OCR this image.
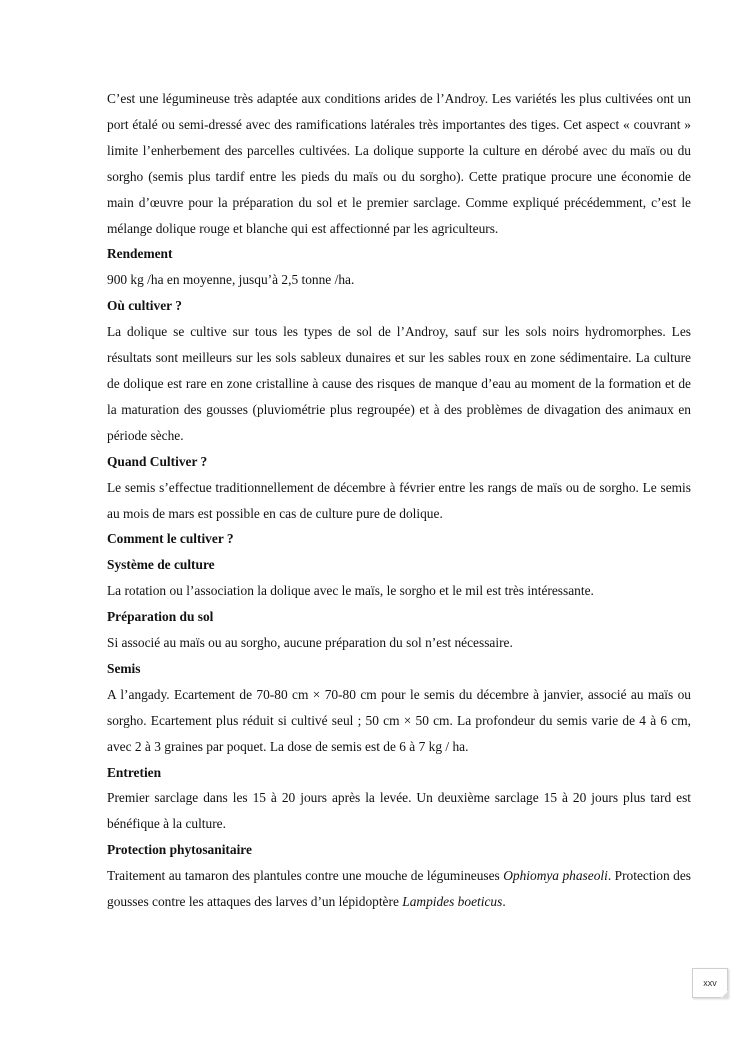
C’est une légumineuse très adaptée aux conditions arides de l’Androy. Les variétés les plus cultivées ont un port étalé ou semi-dressé avec des ramifications latérales très importantes des tiges. Cet aspect « couvrant » limite l’enherbement des parcelles cultivées. La dolique supporte la culture en dérobé avec du maïs ou du sorgho (semis plus tardif entre les pieds du maïs ou du sorgho). Cette pratique procure une économie de main d’œuvre pour la préparation du sol et le premier sarclage. Comme expliqué précédemment, c’est le mélange dolique rouge et blanche qui est affectionné par les agriculteurs.

Rendement

900 kg /ha en moyenne, jusqu’à 2,5 tonne /ha.

Où cultiver ?

La dolique se cultive sur tous les types de sol de l’Androy, sauf sur les sols noirs hydromorphes. Les résultats sont meilleurs sur les sols sableux dunaires et sur les sables roux en zone sédimentaire. La culture de dolique est rare en zone cristalline à cause des risques de manque d’eau au moment de la formation et de la maturation des gousses (pluviométrie plus regroupée) et à des problèmes de divagation des animaux en période sèche.

Quand Cultiver ?

Le semis s’effectue traditionnellement de décembre à février entre les rangs de maïs ou de sorgho. Le semis au mois de mars est possible en cas de culture pure de dolique.

Comment le cultiver ?

Système de culture

La rotation ou l’association la dolique avec le maïs, le sorgho et le mil est très intéressante.

Préparation du sol

Si associé au maïs ou au sorgho, aucune préparation du sol n’est nécessaire.

Semis

A l’angady. Ecartement de 70-80 cm × 70-80 cm pour le semis du décembre à janvier, associé au maïs ou sorgho. Ecartement plus réduit si cultivé seul ; 50 cm × 50 cm. La profondeur du semis varie de 4 à 6 cm, avec 2 à 3 graines par poquet. La dose de semis est de 6 à 7 kg / ha.

Entretien

Premier sarclage dans les 15 à 20 jours après la levée. Un deuxième sarclage 15 à 20 jours plus tard est bénéfique à la culture.

Protection phytosanitaire

Traitement au tamaron des plantules contre une mouche de légumineuses Ophiomya phaseoli. Protection des gousses contre les attaques des larves d’un lépidoptère Lampides boeticus.

xxv
